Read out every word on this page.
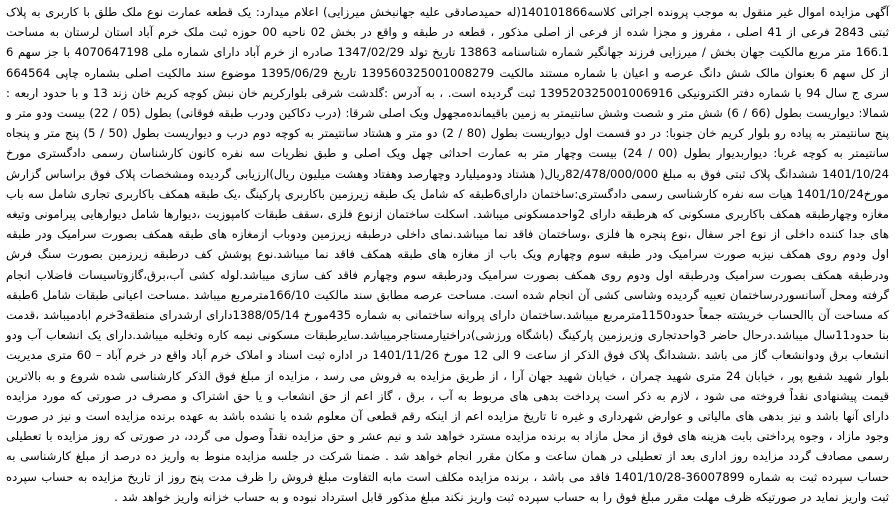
آگهی مزایده اموال غیر منقول به موجب پرونده اجرائی کلاسه140101866(له حمیدصادقی علیه جهانبخش میرزایی) اعلام میدارد: یک قطعه عمارت نوع ملک طلق با کاربری به پلاک ثبتی 2843 فرعی از 41 اصلی ، مفروز و مجزا شده از فرعی از اصلی مذکور ، قطعه در طبقه و واقع در بخش 02 ناحیه 00 حوزه ثبت ملک خرم آباد استان لرستان به مساحت 166.1 متر مربع مالکیت جهان بخش / میرزایی فرزند جهانگیر شماره شناسنامه 13863 تاریخ تولد 1347/02/29 صادره از خرم آباد دارای شماره ملی 4070647198 با جز سهم 6 از کل سهم 6 بعنوان مالک شش دانگ عرصه و اعیان با شماره مستند مالکیت 139560325001008279 تاریخ 1395/06/29 موضوع سند مالکیت اصلی بشماره چاپی 664564 سری ج سال 94 با شماره دفتر الکترونیکی 139520325001006916 ثبت گردیده است. ، به آدرس :گلدشت شرقی بلوارکریم خان نبش کوچه کریم خان زند 13 و با حدود اربعه : شمالا: دیواریست بطول (66 / 6) شش متر و شصت وشش سانتیمتر به زمین باقیمانده‌مجهول ویک اصلی شرقا: (درب دکاکین ودرب طبقه فوقانی) بطول (05 / 22) بیست ودو متر و پنج سانتیمتر به پیاده رو بلوار کریم خان جنوبا: در دو قسمت اول دیواریست بطول (80 / 2) دو متر و هشتاد سانتیمتر به کوچه دوم درب و دیواریست بطول (50 / 5) پنج متر و پنجاه سانتیمتر به کوچه غربا: دیواربدیوار بطول (00 / 24) بیست وچهار متر به عمارت احداثی چهل ویک اصلی و طبق نظریات سه نفره کانون کارشناسان رسمی دادگستری مورخ 1401/10/24 ششدانگ پلاک ثبتی فوق به مبلغ 82/478/000/000ریال( هشتاد ودومیلیارد وچهارصد وهفتاد وهشت میلیون ریال)ارزیابی گردیده ومشخصات پلاک فوق براساس گزارش مورخ1401/10/24 هیات سه نفره کارشناسی رسمی دادگستری:ساختمان دارای6طبقه که شامل یک طبقه زیرزمین باکاربری پارکینگ ،یک طبقه همکف باکاربری تجاری شامل سه باب مغازه وچهارطبقه همکف باکاربری مسکونی که هرطبقه دارای 2واحدمسکونی میباشد. اسکلت ساختمان ازنوع فلزی ،سقف طبقات کامپوزیت ،دیوارها شامل دیوارهایی پیرامونی وتیغه های جدا کننده داخلی از نوع اجر سفال ،نوع پنجره ها فلزی ،وساختمان فاقد نما میباشد.نمای داخلی درطبقه زیرزمین ودوباب ازمغازه های طبقه همکف بصورت سرامیک ودر طبقه اول ودوم روی همکف نیزبه صورت سرامیک ودر طبقه سوم وچهارم ویک باب از مغازه های طبقه همکف فاقد نما میباشد.نوع پوشش کف درطبقه زیرزمین بصورت سنگ فرش ودرطبقه همکف بصورت سرامیک ودرطبقه اول ودوم روی همکف بصورت سرامیک ودرطبقه سوم وچهارم فاقد کف سازی میباشد.لوله کشی آب،برق،گازوتاسیسات فاضلاب انجام گرفته ومحل آسانسوردرساختمان تعبیه گردیده وشاسی کشی آن انجام شده است. مساحت عرصه مطابق سند مالکیت 166/10مترمربع میباشد .مساحت اعیانی طبقات شامل 6طبقه که مساحت آن باالحساب خریشته جمعاً حدود1150مترمربع میباشد.ساختمان دارای پروانه ساختمانی به شماره 435مورخ 1388/05/14دارای ارشدرای منطقه3خرم ابادمیباشد ،قدمت بنا حدود11سال میباشد.درحال حاضر 3واحدتجاری وزیرزمین پارکینگ (باشگاه ورزشی)دراختیارمستاجرمیباشد.سایرطبقات مسکونی نیمه کاره وتخلیه میباشد.دارای یک انشعاب آب ودو انشعاب برق ودوانشعاب گاز می باشد .ششدانگ پلاک فوق الذکر از ساعت 9 الی 12 مورخ 1401/11/26 در اداره ثبت اسناد و املاک خرم آباد واقع در خرم آباد – 60 متری مدیریت بلوار شهید شفیع پور ، خیابان 24 متری شهید چمران ، خیابان شهید جهان آرا ، از طریق مزایده به فروش می رسد ، مزایده از مبلغ فوق الذکر کارشناسی شده شروع و به بالاترین قیمت پیشنهادی نقداً فروخته می شود ، لازم به ذکر است پرداخت بدهی های مربوط به آب ، برق ، گاز اعم از حق انشعاب و یا حق اشتراک و مصرف در صورتی که مورد مزایده دارای آنها باشد و نیز بدهی های مالیاتی و عوارض شهرداری و غیره تا تاریخ مزایده اعم از اینکه رقم قطعی آن معلوم شده یا نشده باشد به عهده برنده مزایده است و نیز در صورت وجود مازاد ، وجوه پرداختی بابت هزینه های فوق از محل مازاد به برنده مزایده مسترد خواهد شد و نیم عشر و حق مزایده نقداً وصول می گردد، در صورتی که روز مزایده با تعطیلی رسمی مصادف گردد مزایده روز اداری بعد از تعطیلی در همان ساعت و مکان مقرر انجام خواهد شد . ضمنا شرکت در جلسه مزایده منوط به واریز ده درصد از مبلغ کارشناسی به حساب سپرده ثبت به شماره 36007899-1401/10/28 فاقد می باشد ، برنده مزایده مکلف است مابه التفاوت مبلغ فروش را ظرف مدت پنج روز از تاریخ مزایده به حساب سپرده ثبت واریز نماید در صورتیکه ظرف مهلت مقرر مبلغ فوق را به حساب سپرده ثبت واریز نکند مبلغ مذکور قابل استرداد نبوده و به حساب خزانه واریز خواهد شد .
